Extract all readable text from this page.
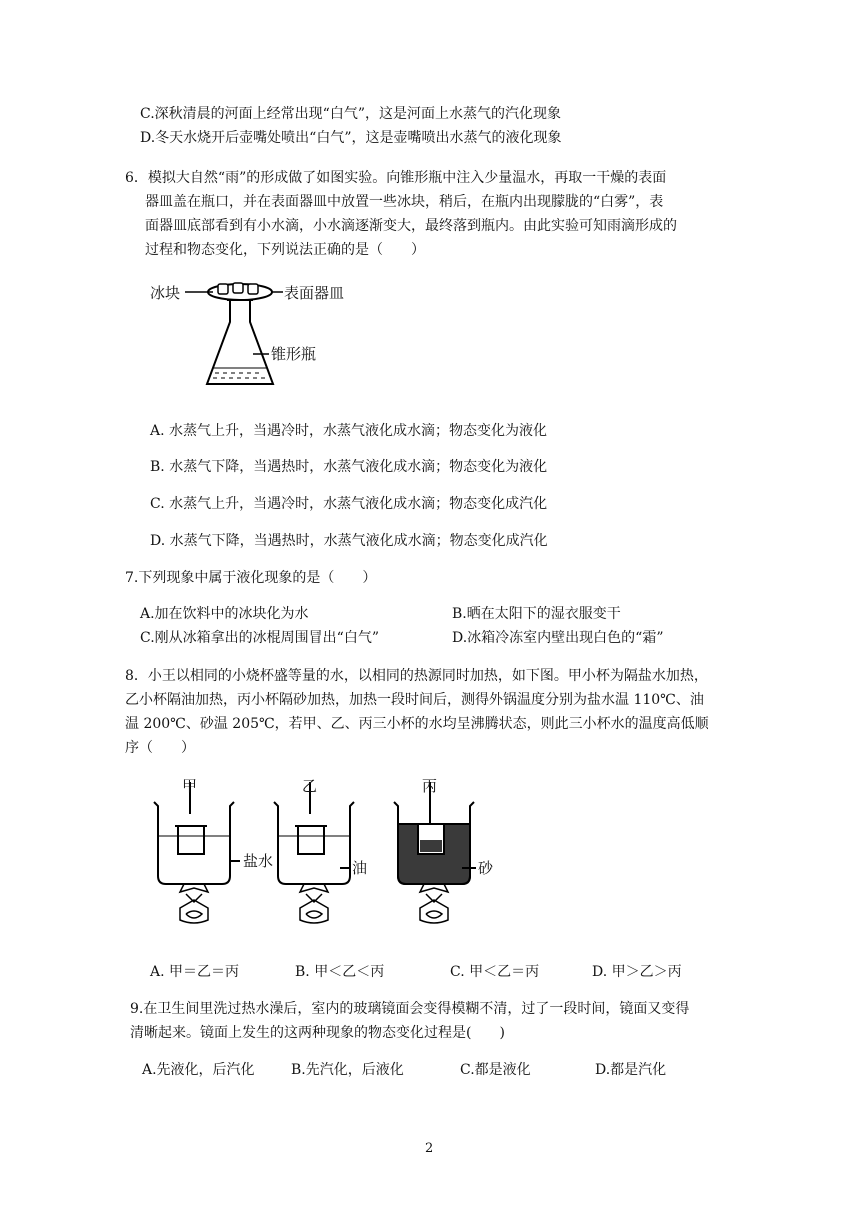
C.深秋清晨的河面上经常出现“白气”，这是河面上水蒸气的汽化现象
D.冬天水烧开后壶嘴处喷出“白气”，这是壶嘴喷出水蒸气的液化现象
6．模拟大自然“雨”的形成做了如图实验。向锥形瓶中注入少量温水，再取一干燥的表面
器皿盖在瓶口，并在表面器皿中放置一些冰块，稍后，在瓶内出现朦胧的“白雾”，表
面器皿底部看到有小水滴，小水滴逐渐变大，最终落到瓶内。由此实验可知雨滴形成的
过程和物态变化，下列说法正确的是（　　）
冰块	表面器皿
锥形瓶
A. 水蒸气上升，当遇冷时，水蒸气液化成水滴；物态变化为液化
B. 水蒸气下降，当遇热时，水蒸气液化成水滴；物态变化为液化
C. 水蒸气上升，当遇冷时，水蒸气液化成水滴；物态变化成汽化
D. 水蒸气下降，当遇热时，水蒸气液化成水滴；物态变化成汽化
7.下列现象中属于液化现象的是（　　）
A.加在饮料中的冰块化为水	B.晒在太阳下的湿衣服变干
C.刚从冰箱拿出的冰棍周围冒出“白气”	D.冰箱冷冻室内壁出现白色的“霜”
8．小王以相同的小烧杯盛等量的水，以相同的热源同时加热，如下图。甲小杯为隔盐水加热，
乙小杯隔油加热，丙小杯隔砂加热，加热一段时间后，测得外锅温度分别为盐水温 110℃、油
温 200℃、砂温 205℃，若甲、乙、丙三小杯的水均呈沸腾状态，则此三小杯水的温度高低顺
序（　　）
甲	乙	丙
盐水	油	砂
A. 甲＝乙＝丙	B. 甲＜乙＜丙	C. 甲＜乙＝丙	D. 甲＞乙＞丙
9.在卫生间里洗过热水澡后，室内的玻璃镜面会变得模糊不清，过了一段时间，镜面又变得
清晰起来。镜面上发生的这两种现象的物态变化过程是(　　)
A.先液化，后汽化	B.先汽化，后液化	C.都是液化	D.都是汽化
2
